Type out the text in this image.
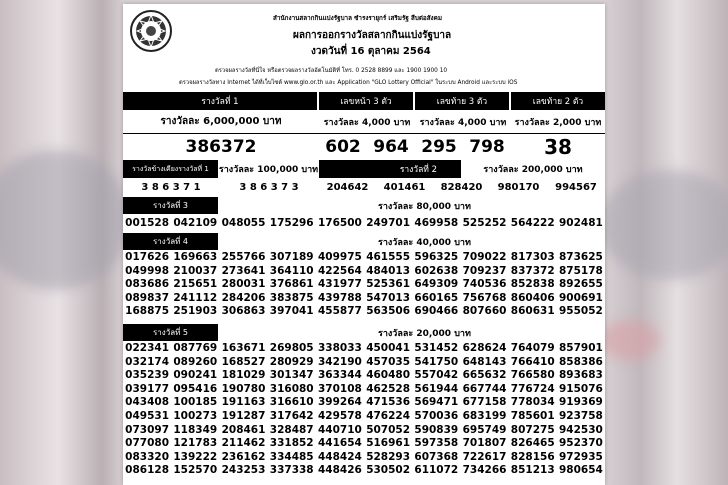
สำนักงานสลากกินแบ่งรัฐบาล ซำรงรายุกร์ เสริมรัฐ สืบต่อสังคม
ผลการออกรางวัลสลากกินแบ่งรัฐบาล
งวดวันที่ 16 ตุลาคม 2564
ตรวจผลรางวัลที่นี่ใจ หรือตรวจผลรางวัลอัตโนมัติที่ โทร. 0 2528 8899 และ 1900 1900 10
ตรวจผลรางวัลทาง Internet ได้ที่เว็บไซต์ www.glo.or.th และ Application "GLO Lottery Official" ในระบบ Android และระบบ iOS
รางวัลที่ 1	เลขหน้า 3 ตัว	เลขท้าย 3 ตัว	เลขท้าย 2 ตัว
รางวัลละ 6,000,000 บาท	รางวัลละ 4,000 บาท	รางวัลละ 4,000 บาท รางวัลละ 2,000 บาท
386372	602 964 295 798	38
รางวัลข้างเคียงรางวัลที่ 1	รางวัลละ 100,000 บาท	รางวัลที่ 2	รางวัลละ 200,000 บาท
3 8 6 3 7 1	3 8 6 3 7 3	204642	401461	828420	980170	994567
รางวัลที่ 3	รางวัลละ 80,000 บาท
001528 042109 048055 175296 176500 249701 469958 525252 564222 902481
รางวัลที่ 4	รางวัลละ 40,000 บาท
017626 169663 255766 307189 409975 461555 596325 709022 817303 873625
049998 210037 273641 364110 422564 484013 602638 709237 837372 875178
083686 215651 280031 376861 431977 525361 649309 740536 852838 892655
089837 241112 284206 383875 439788 547013 660165 756768 860406 900691
168875 251903 306863 397041 455877 563506 690466 807660 860631 955052
รางวัลที่ 5	รางวัลละ 20,000 บาท
022341 087769 163671 269805 338033 450041 531452 628624 764079 857901
032174 089260 168527 280929 342190 457035 541750 648143 766410 858386
035239 090241 181029 301347 363344 460480 557042 665632 766580 893683
039177 095416 190780 316080 370108 462528 561944 667744 776724 915076
043408 100185 191163 316610 399264 471536 569471 677158 778034 919369
049531 100273 191287 317642 429578 476224 570036 683199 785601 923758
073097 118349 208461 328487 440710 507052 590839 695749 807275 942530
077080 121783 211462 331852 441654 516961 597358 701807 826465 952370
083320 139222 236162 334485 448424 528293 607368 722617 828156 972935
086128 152570 243253 337338 448426 530502 611072 734266 851213 980654
